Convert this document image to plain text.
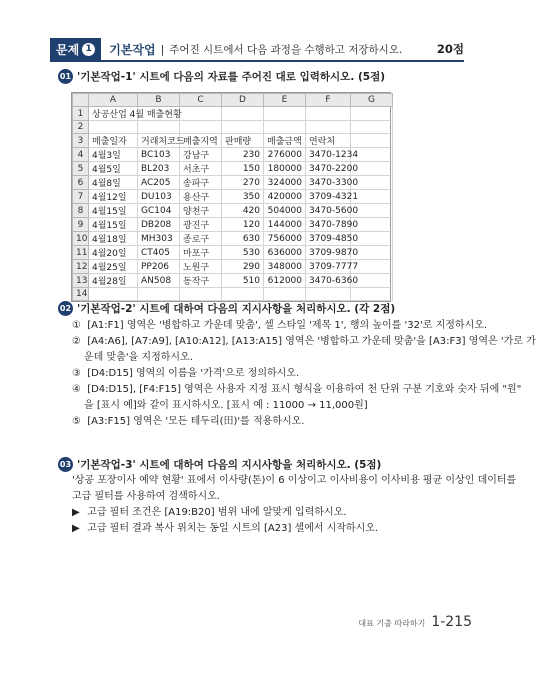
문제 1 기본작업 | 주어진 시트에서 다음 과정을 수행하고 저장하시오.	20점
01 '기본작업-1' 시트에 다음의 자료를 주어진 대로 입력하시오. (5점)
	A	B	C	D	E	F	G
1	상공산업 4월 매출현황						
2							
3	매출일자	거래처코드	매출지역	판매량	매출금액	연락처	
4	4월3일	BC103	강남구	230	276000	3470-1234	
5	4월5일	BL203	서초구	150	180000	3470-2200	
6	4월8일	AC205	송파구	270	324000	3470-3300	
7	4월12일	DU103	용산구	350	420000	3709-4321	
8	4월15일	GC104	양천구	420	504000	3470-5600	
9	4월15일	DB208	광진구	120	144000	3470-7890	
10	4월18일	MH303	종로구	630	756000	3709-4850	
11	4월20일	CT405	마포구	530	636000	3709-9870	
12	4월25일	PP206	노원구	290	348000	3709-7777	
13	4월28일	AN508	동작구	510	612000	3470-6360	
14							
02 '기본작업-2' 시트에 대하여 다음의 지시사항을 처리하시오. (각 2점)
① [A1:F1] 영역은 '병합하고 가운데 맞춤', 셀 스타일 '제목 1', 행의 높이를 '32'로 지정하시오.
② [A4:A6], [A7:A9], [A10:A12], [A13:A15] 영역은 '병합하고 가운데 맞춤'을 [A3:F3] 영역은 '가로 가
운데 맞춤'을 지정하시오.
③ [D4:D15] 영역의 이름을 '가격'으로 정의하시오.
④ [D4:D15], [F4:F15] 영역은 사용자 지정 표시 형식을 이용하여 천 단위 구분 기호와 숫자 뒤에 "원"
을 [표시 예]와 같이 표시하시오. [표시 예 : 11000 → 11,000원]
⑤ [A3:F15] 영역은 '모든 테두리(田)'를 적용하시오.
03 '기본작업-3' 시트에 대하여 다음의 지시사항을 처리하시오. (5점)
'상공 포장이사 예약 현황' 표에서 이사량(톤)이 6 이상이고 이사비용이 이사비용 평균 이상인 데이터를
고급 필터를 사용하여 검색하시오.
▶ 고급 필터 조건은 [A19:B20] 범위 내에 알맞게 입력하시오.
▶ 고급 필터 결과 복사 위치는 동일 시트의 [A23] 셀에서 시작하시오.
대표 기출 따라하기 1-215
